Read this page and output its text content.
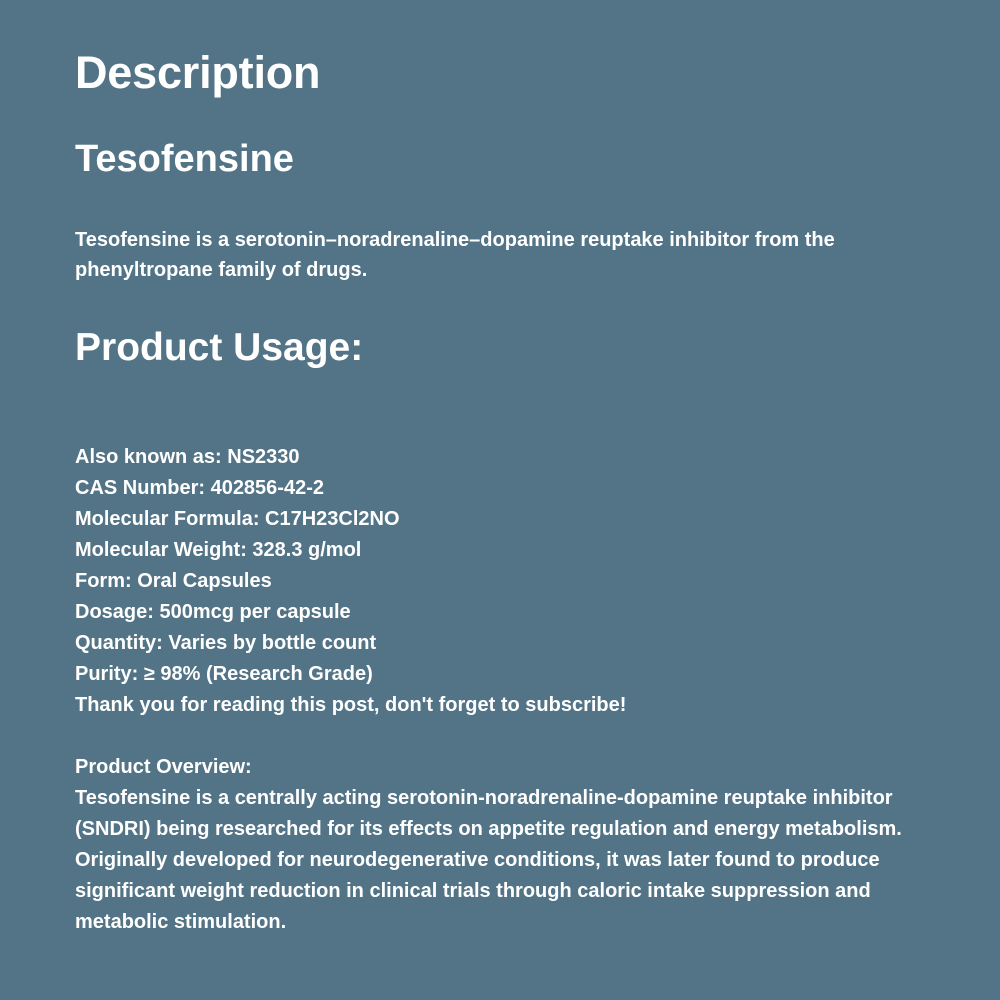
Description
Tesofensine

Tesofensine is a serotonin–noradrenaline–dopamine reuptake inhibitor from the phenyltropane family of drugs.

Product Usage:
Also known as: NS2330
CAS Number: 402856-42-2
Molecular Formula: C17H23Cl2NO
Molecular Weight: 328.3 g/mol
Form: Oral Capsules
Dosage: 500mcg per capsule
Quantity: Varies by bottle count
Purity: ≥ 98% (Research Grade)
Thank you for reading this post, don't forget to subscribe!

Product Overview:
Tesofensine is a centrally acting serotonin-noradrenaline-dopamine reuptake inhibitor (SNDRI) being researched for its effects on appetite regulation and energy metabolism. Originally developed for neurodegenerative conditions, it was later found to produce significant weight reduction in clinical trials through caloric intake suppression and metabolic stimulation.
